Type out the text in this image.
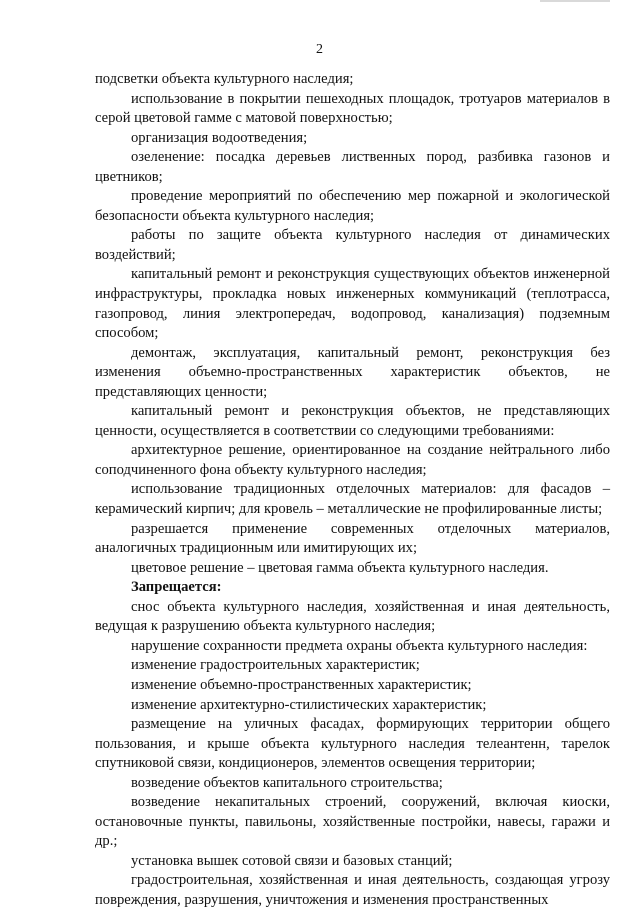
2

подсветки объекта культурного наследия;

использование в покрытии пешеходных площадок, тротуаров материалов в серой цветовой гамме с матовой поверхностью;

организация водоотведения;

озеленение: посадка деревьев лиственных пород, разбивка газонов и цветников;

проведение мероприятий по обеспечению мер пожарной и экологической безопасности объекта культурного наследия;

работы по защите объекта культурного наследия от динамических воздействий;

капитальный ремонт и реконструкция существующих объектов инженерной инфраструктуры, прокладка новых инженерных коммуникаций (теплотрасса, газопровод, линия электропередач, водопровод, канализация) подземным способом;

демонтаж, эксплуатация, капитальный ремонт, реконструкция без изменения объемно-пространственных характеристик объектов, не представляющих ценности;

капитальный ремонт и реконструкция объектов, не представляющих ценности, осуществляется в соответствии со следующими требованиями:

архитектурное решение, ориентированное на создание нейтрального либо соподчиненного фона объекту культурного наследия;

использование традиционных отделочных материалов: для фасадов – керамический кирпич; для кровель – металлические не профилированные листы;

разрешается применение современных отделочных материалов, аналогичных традиционным или имитирующих их;

цветовое решение – цветовая гамма объекта культурного наследия.

Запрещается:

снос объекта культурного наследия, хозяйственная и иная деятельность, ведущая к разрушению объекта культурного наследия;

нарушение сохранности предмета охраны объекта культурного наследия:

изменение градостроительных характеристик;

изменение объемно-пространственных характеристик;

изменение архитектурно-стилистических характеристик;

размещение на уличных фасадах, формирующих территории общего пользования, и крыше объекта культурного наследия телеантенн, тарелок спутниковой связи, кондиционеров, элементов освещения территории;

возведение объектов капитального строительства;

возведение некапитальных строений, сооружений, включая киоски, остановочные пункты, павильоны, хозяйственные постройки, навесы, гаражи и др.;

установка вышек сотовой связи и базовых станций;

градостроительная, хозяйственная и иная деятельность, создающая угрозу повреждения, разрушения, уничтожения и изменения пространственных
